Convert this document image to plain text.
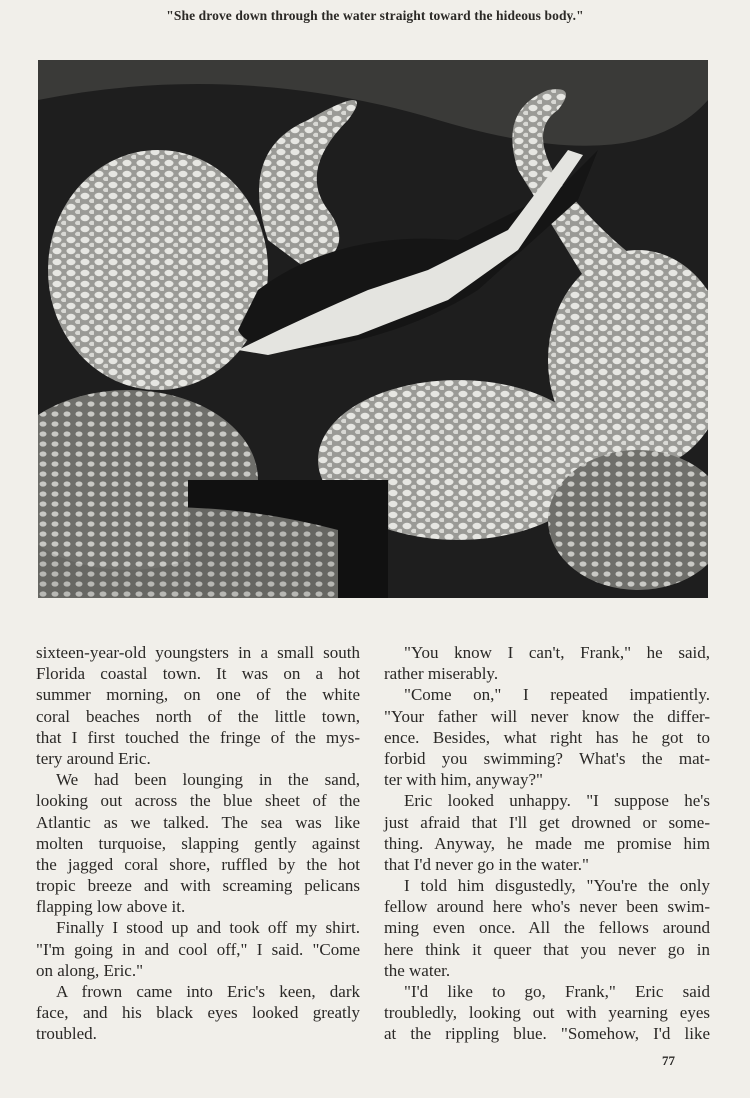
"She drove down through the water straight toward the hideous body."
sixteen-year-old youngsters in a small south
Florida coastal town. It was on a hot
summer morning, on one of the white
coral beaches north of the little town,
that I first touched the fringe of the mys-
tery around Eric.
We had been lounging in the sand,
looking out across the blue sheet of the
Atlantic as we talked. The sea was like
molten turquoise, slapping gently against
the jagged coral shore, ruffled by the hot
tropic breeze and with screaming pelicans
flapping low above it.
Finally I stood up and took off my shirt.
"I'm going in and cool off," I said. "Come
on along, Eric."
A frown came into Eric's keen, dark
face, and his black eyes looked greatly
troubled.
"You know I can't, Frank," he said,
rather miserably.
"Come on," I repeated impatiently.
"Your father will never know the differ-
ence. Besides, what right has he got to
forbid you swimming? What's the mat-
ter with him, anyway?"
Eric looked unhappy. "I suppose he's
just afraid that I'll get drowned or some-
thing. Anyway, he made me promise him
that I'd never go in the water."
I told him disgustedly, "You're the only
fellow around here who's never been swim-
ming even once. All the fellows around
here think it queer that you never go in
the water.
"I'd like to go, Frank," Eric said
troubledly, looking out with yearning eyes
at the rippling blue. "Somehow, I'd like
77
